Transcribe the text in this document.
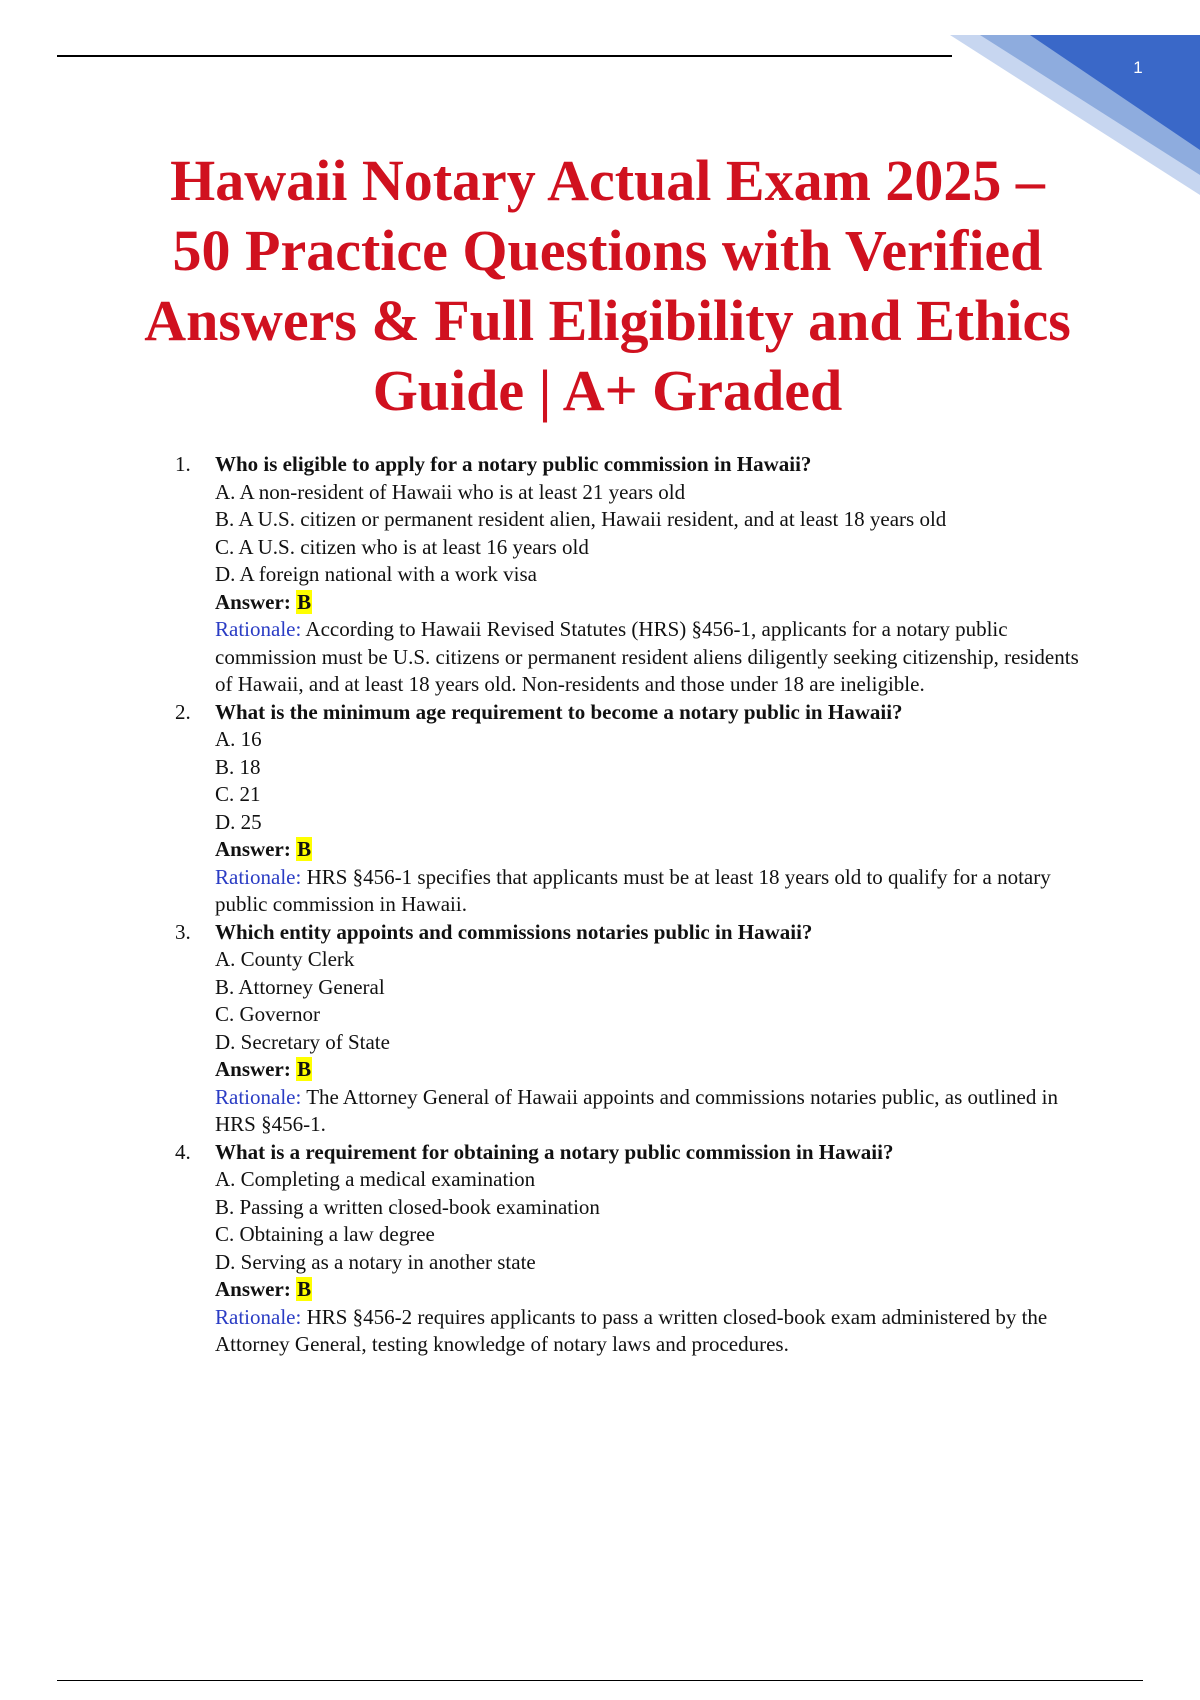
1
Hawaii Notary Actual Exam 2025 – 50 Practice Questions with Verified Answers & Full Eligibility and Ethics Guide | A+ Graded
1. Who is eligible to apply for a notary public commission in Hawaii?
A. A non-resident of Hawaii who is at least 21 years old
B. A U.S. citizen or permanent resident alien, Hawaii resident, and at least 18 years old
C. A U.S. citizen who is at least 16 years old
D. A foreign national with a work visa
Answer: B
Rationale: According to Hawaii Revised Statutes (HRS) §456-1, applicants for a notary public commission must be U.S. citizens or permanent resident aliens diligently seeking citizenship, residents of Hawaii, and at least 18 years old. Non-residents and those under 18 are ineligible.
2. What is the minimum age requirement to become a notary public in Hawaii?
A. 16
B. 18
C. 21
D. 25
Answer: B
Rationale: HRS §456-1 specifies that applicants must be at least 18 years old to qualify for a notary public commission in Hawaii.
3. Which entity appoints and commissions notaries public in Hawaii?
A. County Clerk
B. Attorney General
C. Governor
D. Secretary of State
Answer: B
Rationale: The Attorney General of Hawaii appoints and commissions notaries public, as outlined in HRS §456-1.
4. What is a requirement for obtaining a notary public commission in Hawaii?
A. Completing a medical examination
B. Passing a written closed-book examination
C. Obtaining a law degree
D. Serving as a notary in another state
Answer: B
Rationale: HRS §456-2 requires applicants to pass a written closed-book exam administered by the Attorney General, testing knowledge of notary laws and procedures.
